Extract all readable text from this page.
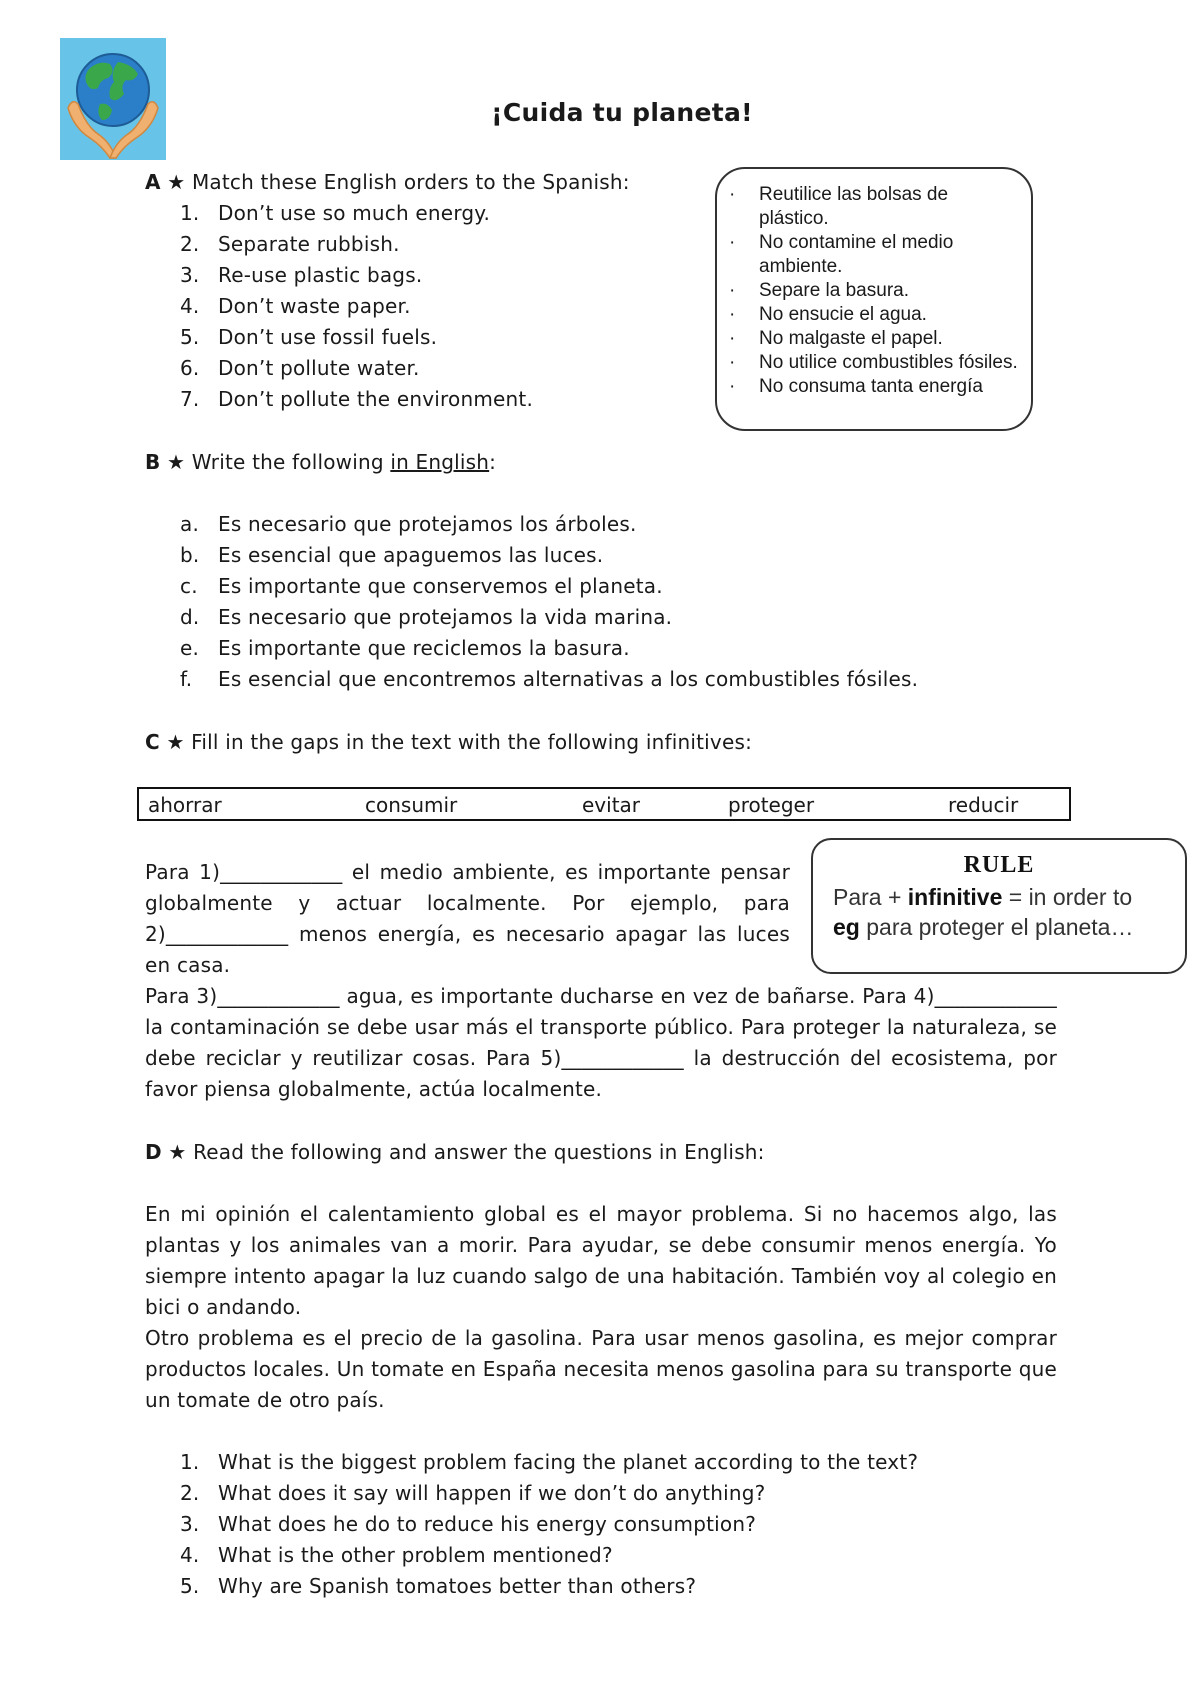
¡Cuida tu planeta!
A ★ Match these English orders to the Spanish:
1. Don’t use so much energy.
2. Separate rubbish.
3. Re-use plastic bags.
4. Don’t waste paper.
5. Don’t use fossil fuels.
6. Don’t pollute water.
7. Don’t pollute the environment.
· Reutilice las bolsas de plástico.
· No contamine el medio ambiente.
· Separe la basura.
· No ensucie el agua.
· No malgaste el papel.
· No utilice combustibles fósiles.
· No consuma tanta energía
B ★ Write the following in English:
a. Es necesario que protejamos los árboles.
b. Es esencial que apaguemos las luces.
c.	Es importante que conservemos el planeta.
d. Es necesario que protejamos la vida marina.
e. Es importante que reciclemos la basura.
f.	Es esencial que encontremos alternativas a los combustibles fósiles.
C ★ Fill in the gaps in the text with the following infinitives:
ahorrar	consumir	evitar	proteger	reducir
Para 1)____________ el medio ambiente, es importante pensar globalmente y actuar localmente. Por ejemplo, para 2)____________ menos energía, es necesario apagar las luces en casa.
Para 3)____________ agua, es importante ducharse en vez de bañarse. Para 4)____________ la contaminación se debe usar más el transporte público. Para proteger la naturaleza, se debe reciclar y reutilizar cosas. Para 5)____________ la destrucción del ecosistema, por favor piensa globalmente, actúa localmente.
RULE
Para + infinitive = in order to
eg para proteger el planeta…
D ★ Read the following and answer the questions in English:
En mi opinión el calentamiento global es el mayor problema. Si no hacemos algo, las plantas y los animales van a morir. Para ayudar, se debe consumir menos energía. Yo siempre intento apagar la luz cuando salgo de una habitación. También voy al colegio en bici o andando.
Otro problema es el precio de la gasolina. Para usar menos gasolina, es mejor comprar productos locales. Un tomate en España necesita menos gasolina para su transporte que un tomate de otro país.
1. What is the biggest problem facing the planet according to the text?
2. What does it say will happen if we don’t do anything?
3. What does he do to reduce his energy consumption?
4. What is the other problem mentioned?
5. Why are Spanish tomatoes better than others?
